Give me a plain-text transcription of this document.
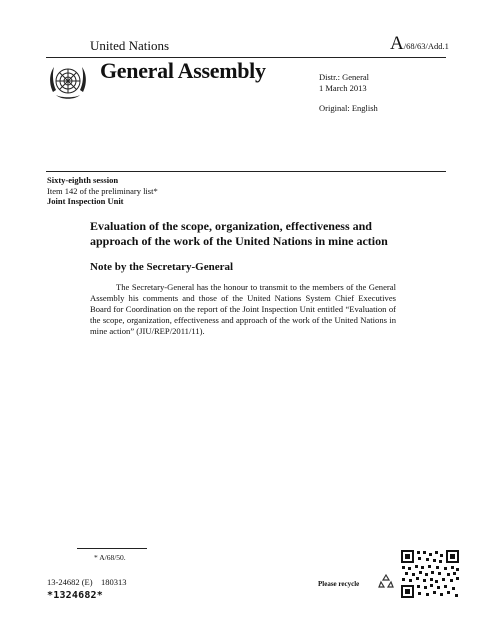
United Nations	A/68/63/Add.1
General Assembly	Distr.: General
1 March 2013
Original: English
Sixty-eighth session
Item 142 of the preliminary list*
Joint Inspection Unit
Evaluation of the scope, organization, effectiveness and approach of the work of the United Nations in mine action
Note by the Secretary-General
The Secretary-General has the honour to transmit to the members of the General Assembly his comments and those of the United Nations System Chief Executives Board for Coordination on the report of the Joint Inspection Unit entitled “Evaluation of the scope, organization, effectiveness and approach of the work of the United Nations in mine action” (JIU/REP/2011/11).
* A/68/50.
13-24682 (E)    180313
*1324682*
Please recycle
